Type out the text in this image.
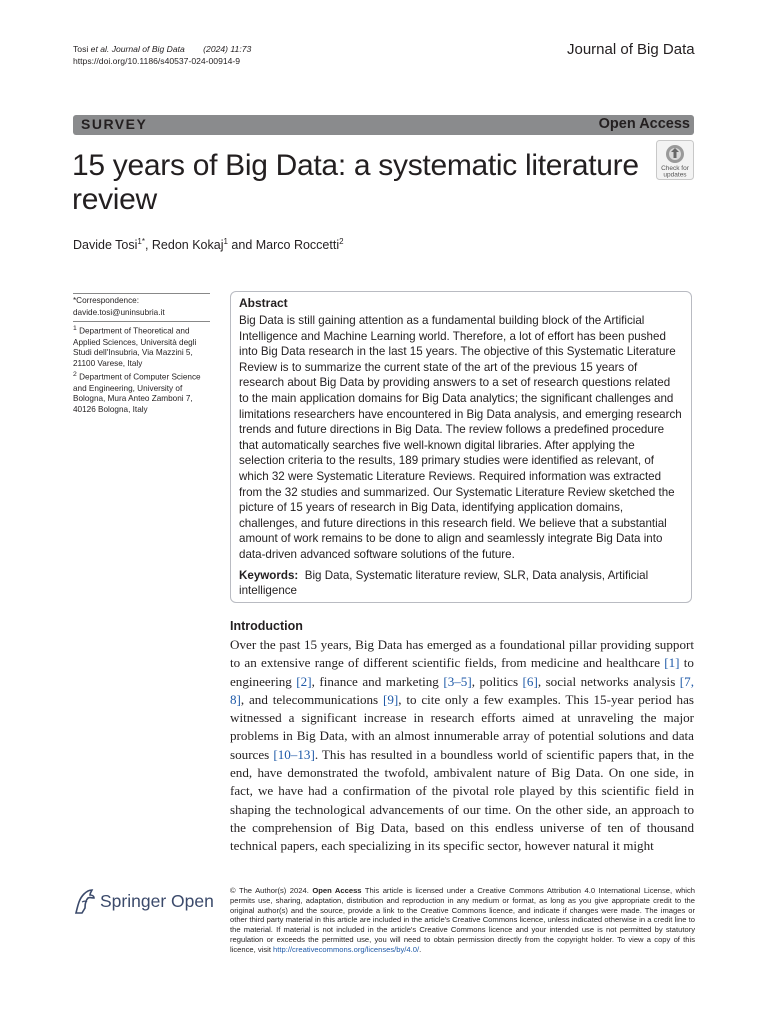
Tosi et al. Journal of Big Data (2024) 11:73
https://doi.org/10.1186/s40537-024-00914-9
Journal of Big Data
SURVEY	Open Access
Check for
updates
15 years of Big Data: a systematic literature review
Davide Tosi$^{1*}$, Redon Kokaj$^1$ and Marco Roccetti$^2$

*Correspondence:

davide.tosi@uninsubria.it

$^1$ Department of Theoretical and Applied Sciences, Università degli Studi dell'Insubria, Via Mazzini 5, 21100 Varese, Italy

$^2$ Department of Computer Science and Engineering, University of Bologna, Mura Anteo Zamboni 7, 40126 Bologna, Italy

Abstract
Big Data is still gaining attention as a fundamental building block of the Artificial Intelligence and Machine Learning world. Therefore, a lot of effort has been pushed into Big Data research in the last 15 years. The objective of this Systematic Literature Review is to summarize the current state of the art of the previous 15 years of research about Big Data by providing answers to a set of research questions related to the main application domains for Big Data analytics; the significant challenges and limitations researchers have encountered in Big Data analysis, and emerging research trends and future directions in Big Data. The review follows a predefined procedure that automatically searches five well-known digital libraries. After applying the selection criteria to the results, 189 primary studies were identified as relevant, of which 32 were Systematic Literature Reviews. Required information was extracted from the 32 studies and summarized. Our Systematic Literature Review sketched the picture of 15 years of research in Big Data, identifying application domains, challenges, and future directions in this research field. We believe that a substantial amount of work remains to be done to align and seamlessly integrate Big Data into data-driven advanced software solutions of the future.
Keywords: Big Data, Systematic literature review, SLR, Data analysis, Artificial intelligence
Introduction
Over the past 15 years, Big Data has emerged as a foundational pillar providing support to an extensive range of different scientific fields, from medicine and healthcare [1] to engineering [2], finance and marketing [3–5], politics [6], social networks analysis [7, 8], and telecommunications [9], to cite only a few examples. This 15-year period has witnessed a significant increase in research efforts aimed at unraveling the major problems in Big Data, with an almost innumerable array of potential solutions and data sources [10–13]. This has resulted in a boundless world of scientific papers that, in the end, have demonstrated the twofold, ambivalent nature of Big Data. On one side, in fact, we have had a confirmation of the pivotal role played by this scientific field in shaping the technological advancements of our time. On the other side, an approach to the comprehension of Big Data, based on this endless universe of ten of thousand technical papers, each specializing in its specific sector, however natural it might
Springer Open
© The Author(s) 2024. Open Access This article is licensed under a Creative Commons Attribution 4.0 International License, which permits use, sharing, adaptation, distribution and reproduction in any medium or format, as long as you give appropriate credit to the original author(s) and the source, provide a link to the Creative Commons licence, and indicate if changes were made. The images or other third party material in this article are included in the article's Creative Commons licence, unless indicated otherwise in a credit line to the material. If material is not included in the article's Creative Commons licence and your intended use is not permitted by statutory regulation or exceeds the permitted use, you will need to obtain permission directly from the copyright holder. To view a copy of this licence, visit http://creativecommons.org/licenses/by/4.0/.
